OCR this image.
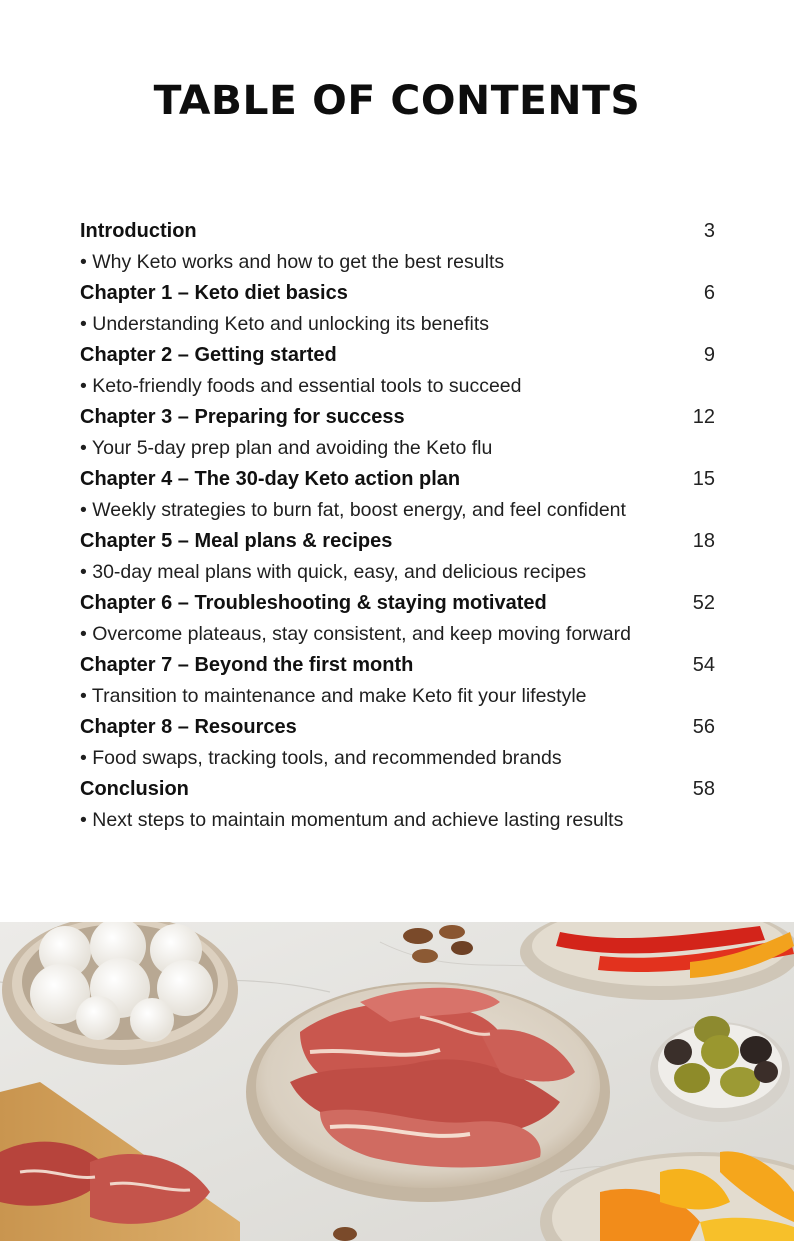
TABLE OF CONTENTS
Introduction	3
• Why Keto works and how to get the best results
Chapter 1 – Keto diet basics	6
• Understanding Keto and unlocking its benefits
Chapter 2 – Getting started	9
• Keto-friendly foods and essential tools to succeed
Chapter 3 – Preparing for success	12
• Your 5-day prep plan and avoiding the Keto flu
Chapter 4 – The 30-day Keto action plan	15
• Weekly strategies to burn fat, boost energy, and feel confident
Chapter 5 – Meal plans & recipes	18
• 30-day meal plans with quick, easy, and delicious recipes
Chapter 6 – Troubleshooting & staying motivated	52
• Overcome plateaus, stay consistent, and keep moving forward
Chapter 7 – Beyond the first month	54
• Transition to maintenance and make Keto fit your lifestyle
Chapter 8 – Resources	56
• Food swaps, tracking tools, and recommended brands
Conclusion	58
• Next steps to maintain momentum and achieve lasting results
